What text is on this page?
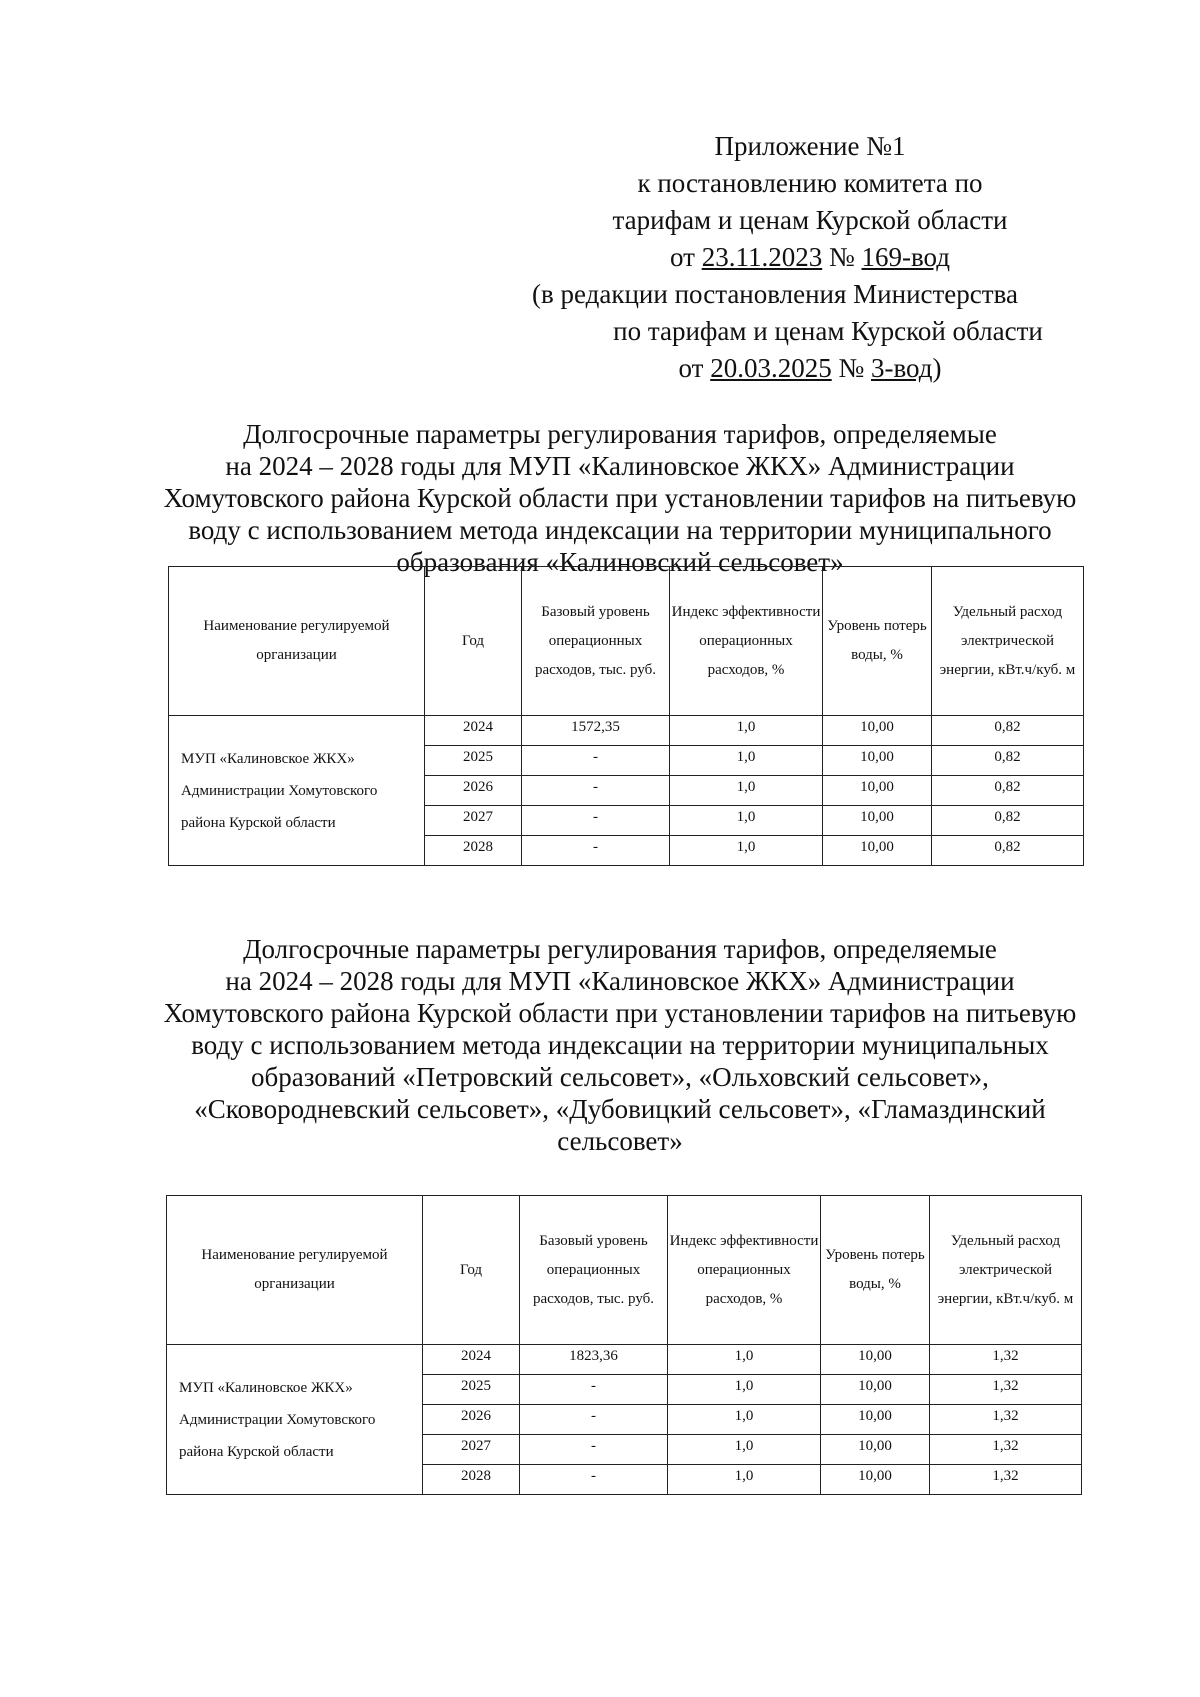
Приложение №1
к постановлению комитета по
тарифам и ценам Курской области
от 23.11.2023 № 169-вод
(в редакции постановления Министерства
по тарифам и ценам Курской области
от 20.03.2025 № 3-вод)
Долгосрочные параметры регулирования тарифов, определяемые
на 2024 – 2028 годы для МУП «Калиновское ЖКХ» Администрации
Хомутовского района Курской области при установлении тарифов на питьевую
воду с использованием метода индексации на территории муниципального
образования «Калиновский сельсовет»
Наименование регулируемой организации	Год	Базовый уровень операционных расходов, тыс. руб.	Индекс эффективности операционных расходов, %	Уровень потерь воды, %	Удельный расход электрической энергии, кВт.ч/куб. м
МУП «Калиновское ЖКХ» Администрации Хомутовского района Курской области	2024	1572,35	1,0	10,00	0,82
	2025	-	1,0	10,00	0,82
	2026	-	1,0	10,00	0,82
	2027	-	1,0	10,00	0,82
	2028	-	1,0	10,00	0,82
Долгосрочные параметры регулирования тарифов, определяемые
на 2024 – 2028 годы для МУП «Калиновское ЖКХ» Администрации
Хомутовского района Курской области при установлении тарифов на питьевую
воду с использованием метода индексации на территории муниципальных
образований «Петровский сельсовет», «Ольховский сельсовет»,
«Сковородневский сельсовет», «Дубовицкий сельсовет», «Гламаздинский
сельсовет»
Наименование регулируемой организации	Год	Базовый уровень операционных расходов, тыс. руб.	Индекс эффективности операционных расходов, %	Уровень потерь воды, %	Удельный расход электрической энергии, кВт.ч/куб. м
МУП «Калиновское ЖКХ» Администрации Хомутовского района Курской области	2024	1823,36	1,0	10,00	1,32
	2025	-	1,0	10,00	1,32
	2026	-	1,0	10,00	1,32
	2027	-	1,0	10,00	1,32
	2028	-	1,0	10,00	1,32
